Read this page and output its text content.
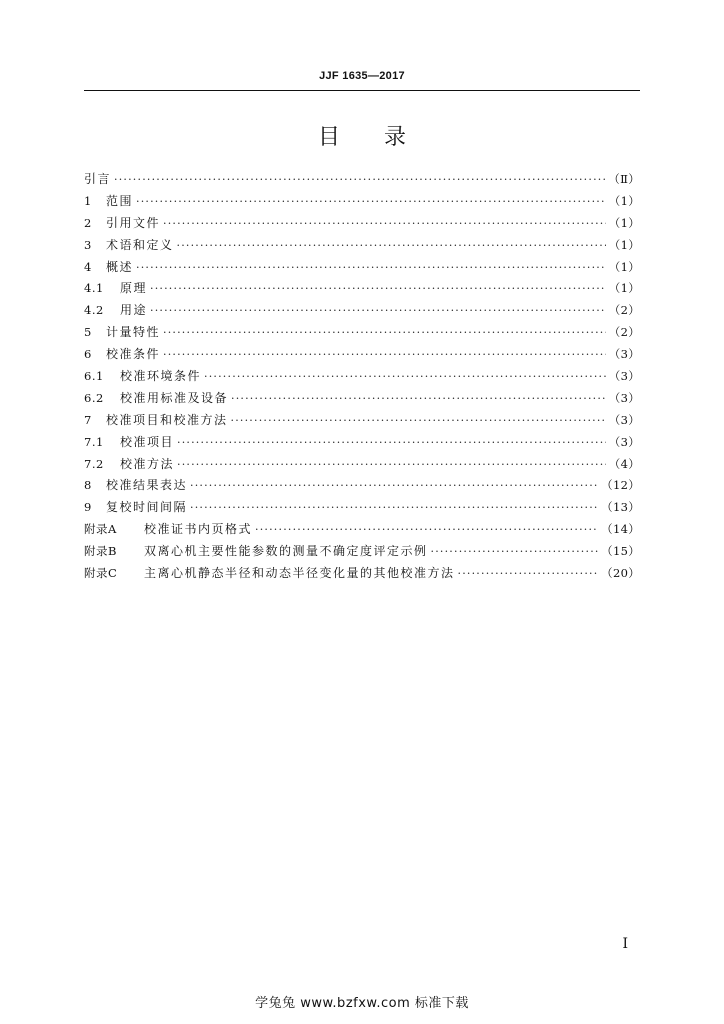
JJF 1635—2017
目录
引言 ·····	（Ⅱ）
1	范围 ·····	（1）
2	引用文件 ·····	（1）
3	术语和定义 ·····	（1）
4	概述 ·····	（1）
4.1	原理 ·····	（1）
4.2	用途 ·····	（2）
5	计量特性 ·····	（2）
6	校准条件 ·····	（3）
6.1	校准环境条件 ·····	（3）
6.2	校准用标准及设备 ·····	（3）
7	校准项目和校准方法 ·····	（3）
7.1	校准项目 ·····	（3）
7.2	校准方法 ·····	（4）
8	校准结果表达 ·····	（12）
9	复校时间间隔 ·····	（13）
附录A	校准证书内页格式 ·····	（14）
附录B	双离心机主要性能参数的测量不确定度评定示例 ·····	（15）
附录C	主离心机静态半径和动态半径变化量的其他校准方法 ·····	（20）
I
学兔兔 www.bzfxw.com 标准下载
